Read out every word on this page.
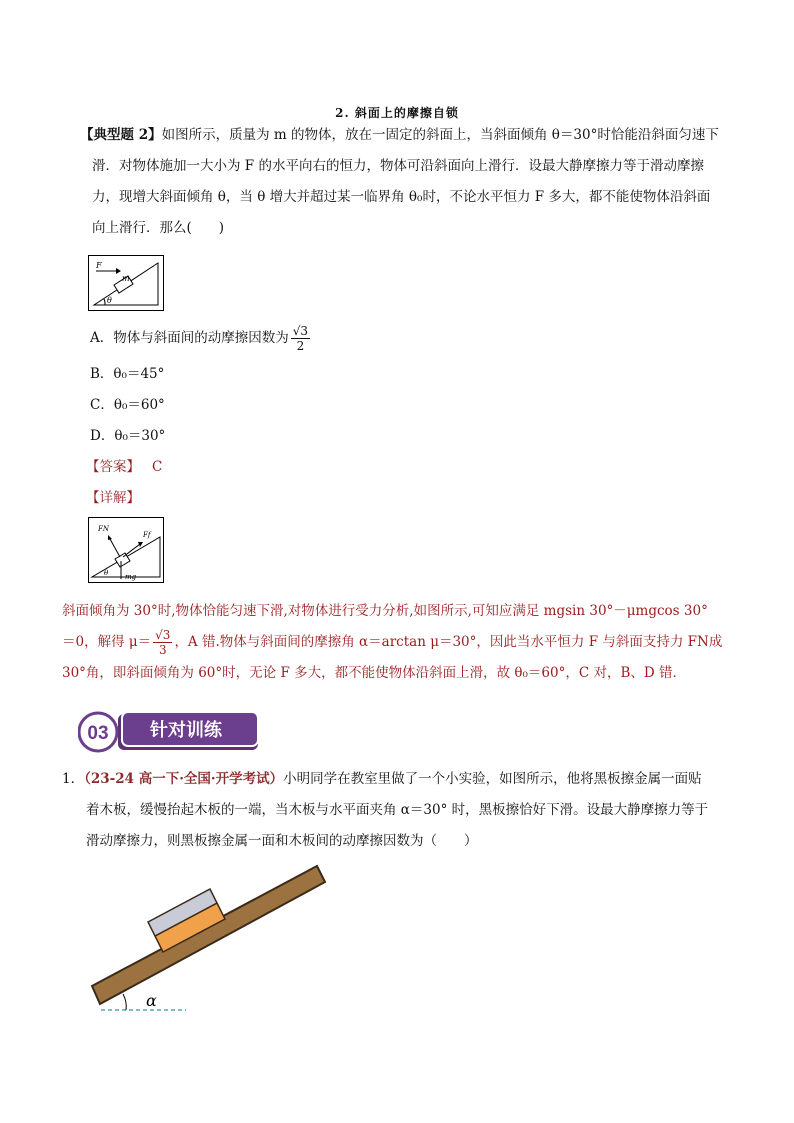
2. 斜面上的摩擦自锁
【典型题 2】如图所示，质量为 m 的物体，放在一固定的斜面上，当斜面倾角 θ＝30°时恰能沿斜面匀速下
滑．对物体施加一大小为 F 的水平向右的恒力，物体可沿斜面向上滑行．设最大静摩擦力等于滑动摩擦
力，现增大斜面倾角 θ，当 θ 增大并超过某一临界角 θ₀时，不论水平恒力 F 多大，都不能使物体沿斜面
向上滑行．那么(　　)
F
m
θ
A．物体与斜面间的动摩擦因数为 $\frac{√3}{2}$
B．θ₀＝45°
C．θ₀＝60°
D．θ₀＝30°
【答案】 C
【详解】
FN
Ff
mg
θ
斜面倾角为 30°时,物体恰能匀速下滑,对物体进行受力分析,如图所示,可知应满足 mgsin 30°－μmgcos 30°
＝0，解得 $\mu= \frac{√3}{3}$ ，A 错.物体与斜面间的摩擦角 α＝arctan μ＝30°，因此当水平恒力 F 与斜面支持力 FN成
30°角，即斜面倾角为 60°时，无论 F 多大，都不能使物体沿斜面上滑，故 θ₀＝60°，C 对，B、D 错．
03 针对训练
1．（23-24 高一下·全国·开学考试）小明同学在教室里做了一个小实验，如图所示，他将黑板擦金属一面贴
着木板，缓慢抬起木板的一端，当木板与水平面夹角 α＝30° 时，黑板擦恰好下滑。设最大静摩擦力等于
滑动摩擦力，则黑板擦金属一面和木板间的动摩擦因数为（　　）
α
